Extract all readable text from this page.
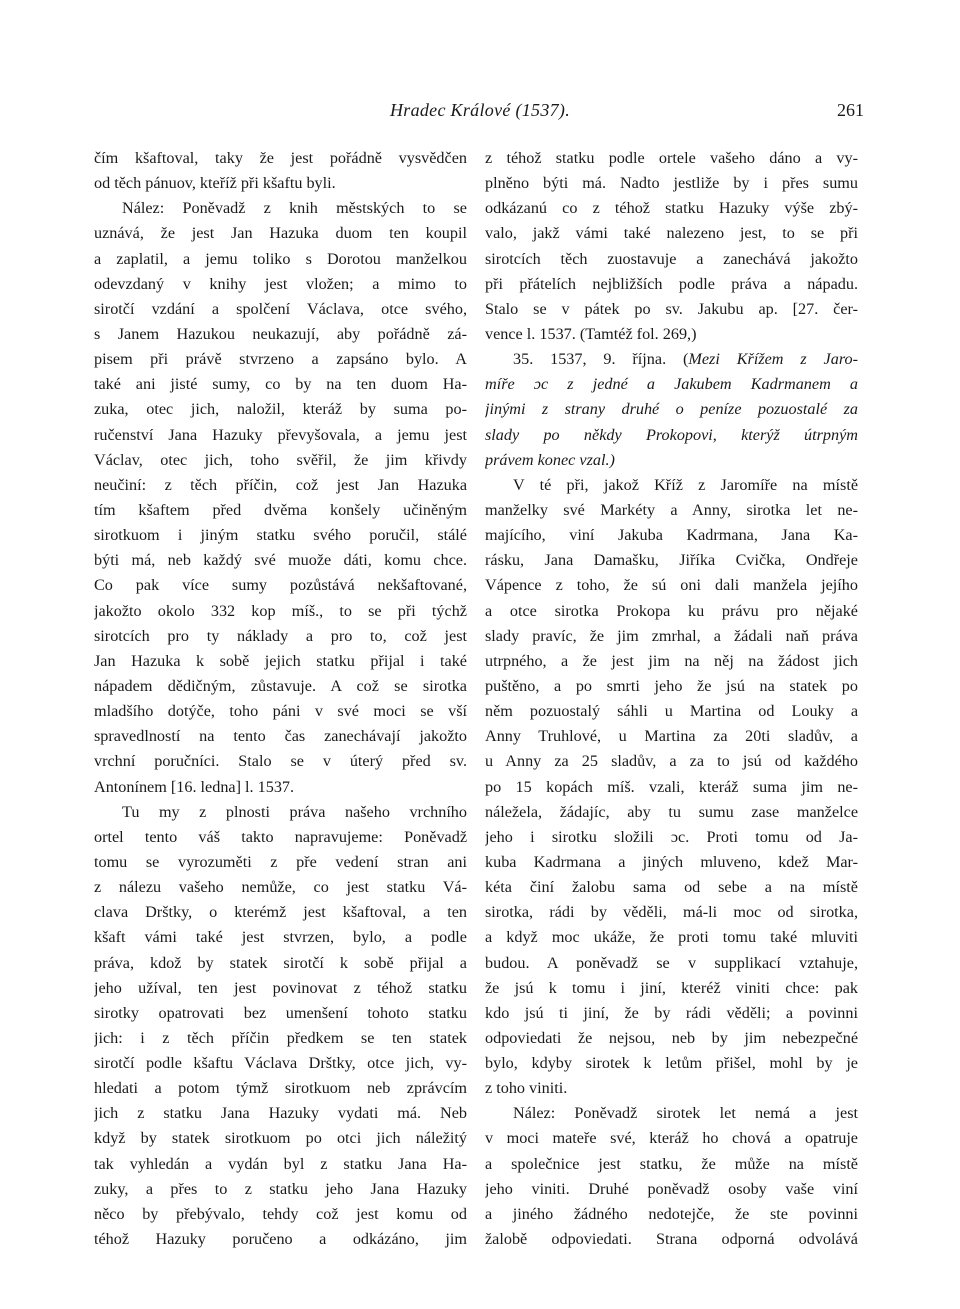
Hradec Králové (1537).	261
čím kšaftoval, taky že jest pořádně vysvědčen
od těch pánuov, kteříž při kšaftu byli.
Nález: Poněvadž z knih městských to se
uznává, že jest Jan Hazuka duom ten koupil
a zaplatil, a jemu toliko s Dorotou manželkou
odevzdaný v knihy jest vložen; a mimo to
sirotčí vzdání a spolčení Václava, otce svého,
s Janem Hazukou neukazují, aby pořádně zá-
pisem při právě stvrzeno a zapsáno bylo. A
také ani jisté sumy, co by na ten duom Ha-
zuka, otec jich, naložil, kteráž by suma po-
ručenství Jana Hazuky převyšovala, a jemu jest
Václav, otec jich, toho svěřil, že jim křivdy
neučiní: z těch příčin, což jest Jan Hazuka
tím kšaftem před dvěma konšely učiněným
sirotkuom i jiným statku svého poručil, stálé
býti má, neb každý své muože dáti, komu chce.
Co pak více sumy pozůstává nekšaftované,
jakožto okolo 332 kop míš., to se při týchž
sirotcích pro ty náklady a pro to, což jest
Jan Hazuka k sobě jejich statku přijal i také
nápadem dědičným, zůstavuje. A což se sirotka
mladšího dotýče, toho páni v své moci se vší
spravedlností na tento čas zanechávají jakožto
vrchní poručníci. Stalo se v úterý před sv.
Antonínem [16. ledna] l. 1537.
Tu my z plnosti práva našeho vrchního
ortel tento váš takto napravujeme: Poněvadž
tomu se vyrozuměti z pře vedení stran ani
z nálezu vašeho nemůže, co jest statku Vá-
clava Drštky, o kterémž jest kšaftoval, a ten
kšaft vámi také jest stvrzen, bylo, a podle
práva, kdož by statek sirotčí k sobě přijal a
jeho užíval, ten jest povinovat z téhož statku
sirotky opatrovati bez umenšení tohoto statku
jich: i z těch příčin předkem se ten statek
sirotčí podle kšaftu Václava Drštky, otce jich, vy-
hledati a potom týmž sirotkuom neb zprávcím
jich z statku Jana Hazuky vydati má. Neb
když by statek sirotkuom po otci jich náležitý
tak vyhledán a vydán byl z statku Jana Ha-
zuky, a přes to z statku jeho Jana Hazuky
něco by přebývalo, tehdy což jest komu od
téhož Hazuky poručeno a odkázáno, jim
z téhož statku podle ortele vašeho dáno a vy-
plněno býti má. Nadto jestliže by i přes sumu
odkázanú co z téhož statku Hazuky výše zbý-
valo, jakž vámi také nalezeno jest, to se při
sirotcích těch zuostavuje a zanechává jakožto
při přátelích nejbližších podle práva a nápadu.
Stalo se v pátek po sv. Jakubu ap. [27. čer-
vence l. 1537. (Tamtéž fol. 269,)
35. 1537, 9. října. (Mezi Křížem z Jaro-
míře ɔc z jedné a Jakubem Kadrmanem a
jinými z strany druhé o peníze pozuostalé za
slady po někdy Prokopovi, kterýž útrpným
právem konec vzal.)
V té při, jakož Kříž z Jaromíře na místě
manželky své Markéty a Anny, sirotka let ne-
majícího, viní Jakuba Kadrmana, Jana Ka-
rásku, Jana Damašku, Jiříka Cvička, Ondřeje
Vápence z toho, že sú oni dali manžela jejího
a otce sirotka Prokopa ku právu pro nějaké
slady pravíc, že jim zmrhal, a žádali naň práva
utrpného, a že jest jim na něj na žádost jich
puštěno, a po smrti jeho že jsú na statek po
něm pozuostalý sáhli u Martina od Louky a
Anny Truhlové, u Martina za 20ti sladův, a
u Anny za 25 sladův, a za to jsú od každého
po 15 kopách míš. vzali, kteráž suma jim ne-
náležela, žádajíc, aby tu sumu zase manželce
jeho i sirotku složili ɔc. Proti tomu od Ja-
kuba Kadrmana a jiných mluveno, kdež Mar-
kéta činí žalobu sama od sebe a na místě
sirotka, rádi by věděli, má-li moc od sirotka,
a když moc ukáže, že proti tomu také mluviti
budou. A poněvadž se v supplikací vztahuje,
že jsú k tomu i jiní, kteréž viniti chce: pak
kdo jsú ti jiní, že by rádi věděli; a povinni
odpoviedati že nejsou, neb by jim nebezpečné
bylo, kdyby sirotek k letům přišel, mohl by je
z toho viniti.
Nález: Poněvadž sirotek let nemá a jest
v moci mateře své, kteráž ho chová a opatruje
a společnice jest statku, že může na místě
jeho viniti. Druhé poněvadž osoby vaše viní
a jiného žádného nedotejče, že ste povinni
žalobě odpoviedati. Strana odporná odvolává
